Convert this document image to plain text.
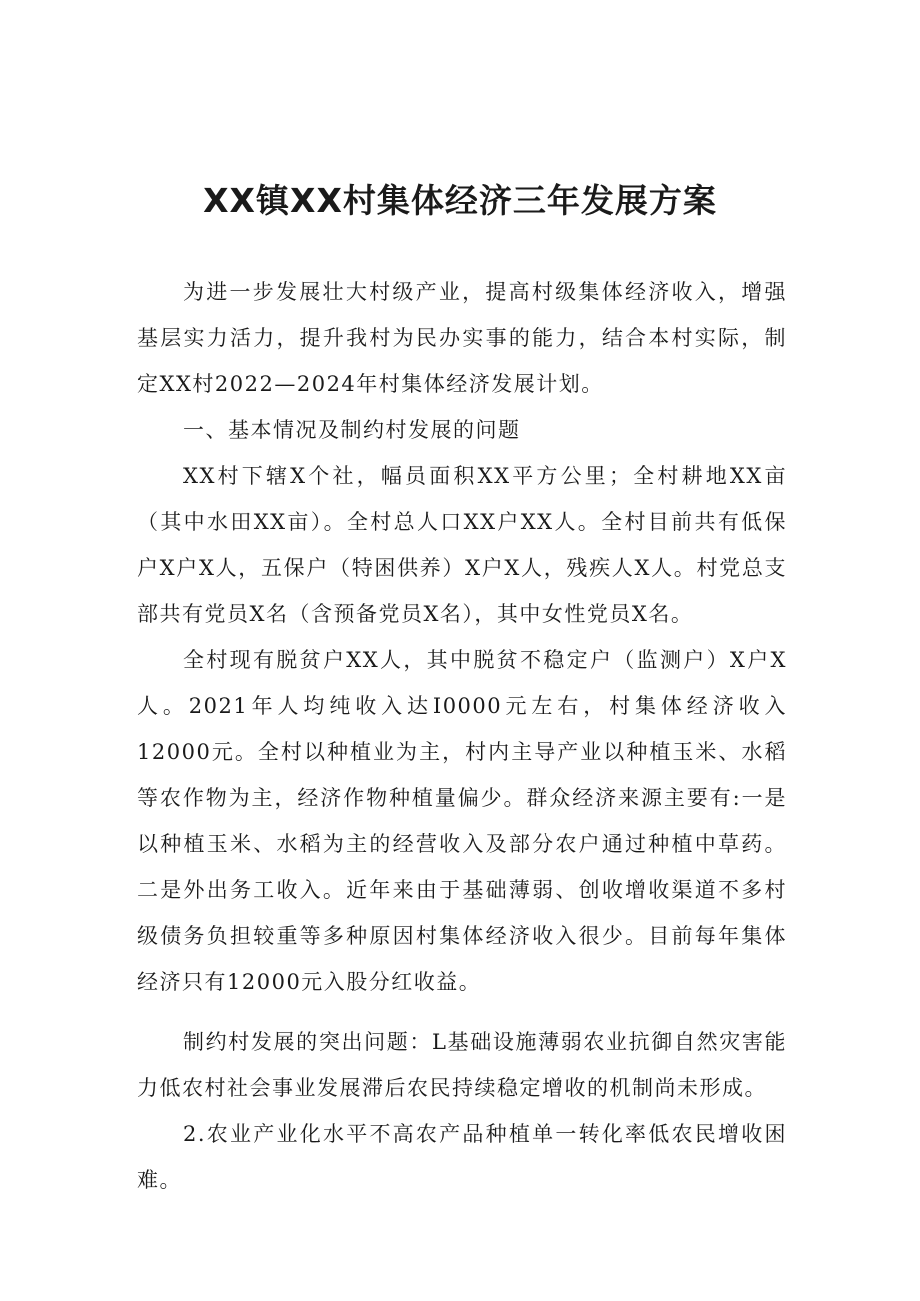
XX镇XX村集体经济三年发展方案

为进一步发展壮大村级产业，提高村级集体经济收入，增强基层实力活力，提升我村为民办实事的能力，结合本村实际，制定XX村2022—2024年村集体经济发展计划。

一、基本情况及制约村发展的问题

XX村下辖X个社，幅员面积XX平方公里；全村耕地XX亩（其中水田XX亩）。全村总人口XX户XX人。全村目前共有低保户X户X人，五保户（特困供养）X户X人，残疾人X人。村党总支部共有党员X名（含预备党员X名），其中女性党员X名。

全村现有脱贫户XX人，其中脱贫不稳定户（监测户）X户X人。2021年人均纯收入达I0000元左右，村集体经济收入12000元。全村以种植业为主，村内主导产业以种植玉米、水稻等农作物为主，经济作物种植量偏少。群众经济来源主要有:一是以种植玉米、水稻为主的经营收入及部分农户通过种植中草药。二是外出务工收入。近年来由于基础薄弱、创收增收渠道不多村级债务负担较重等多种原因村集体经济收入很少。目前每年集体经济只有12000元入股分红收益。

制约村发展的突出问题：L基础设施薄弱农业抗御自然灾害能力低农村社会事业发展滞后农民持续稳定增收的机制尚未形成。

2.农业产业化水平不高农产品种植单一转化率低农民增收困难。
